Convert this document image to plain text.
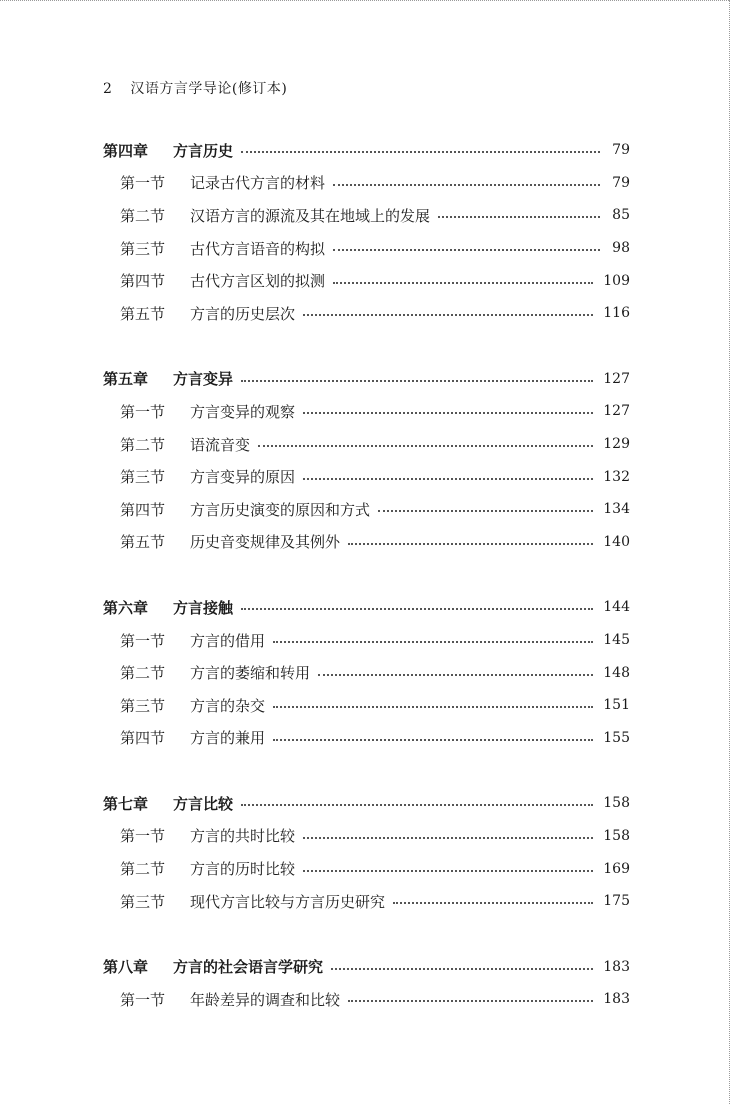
2 汉语方言学导论(修订本)
第四章	方言历史	79
第一节	记录古代方言的材料	79
第二节	汉语方言的源流及其在地域上的发展	85
第三节	古代方言语音的构拟	98
第四节	古代方言区划的拟测	109
第五节	方言的历史层次	116
第五章	方言变异	127
第一节	方言变异的观察	127
第二节	语流音变	129
第三节	方言变异的原因	132
第四节	方言历史演变的原因和方式	134
第五节	历史音变规律及其例外	140
第六章	方言接触	144
第一节	方言的借用	145
第二节	方言的萎缩和转用	148
第三节	方言的杂交	151
第四节	方言的兼用	155
第七章	方言比较	158
第一节	方言的共时比较	158
第二节	方言的历时比较	169
第三节	现代方言比较与方言历史研究	175
第八章	方言的社会语言学研究	183
第一节	年龄差异的调查和比较	183
